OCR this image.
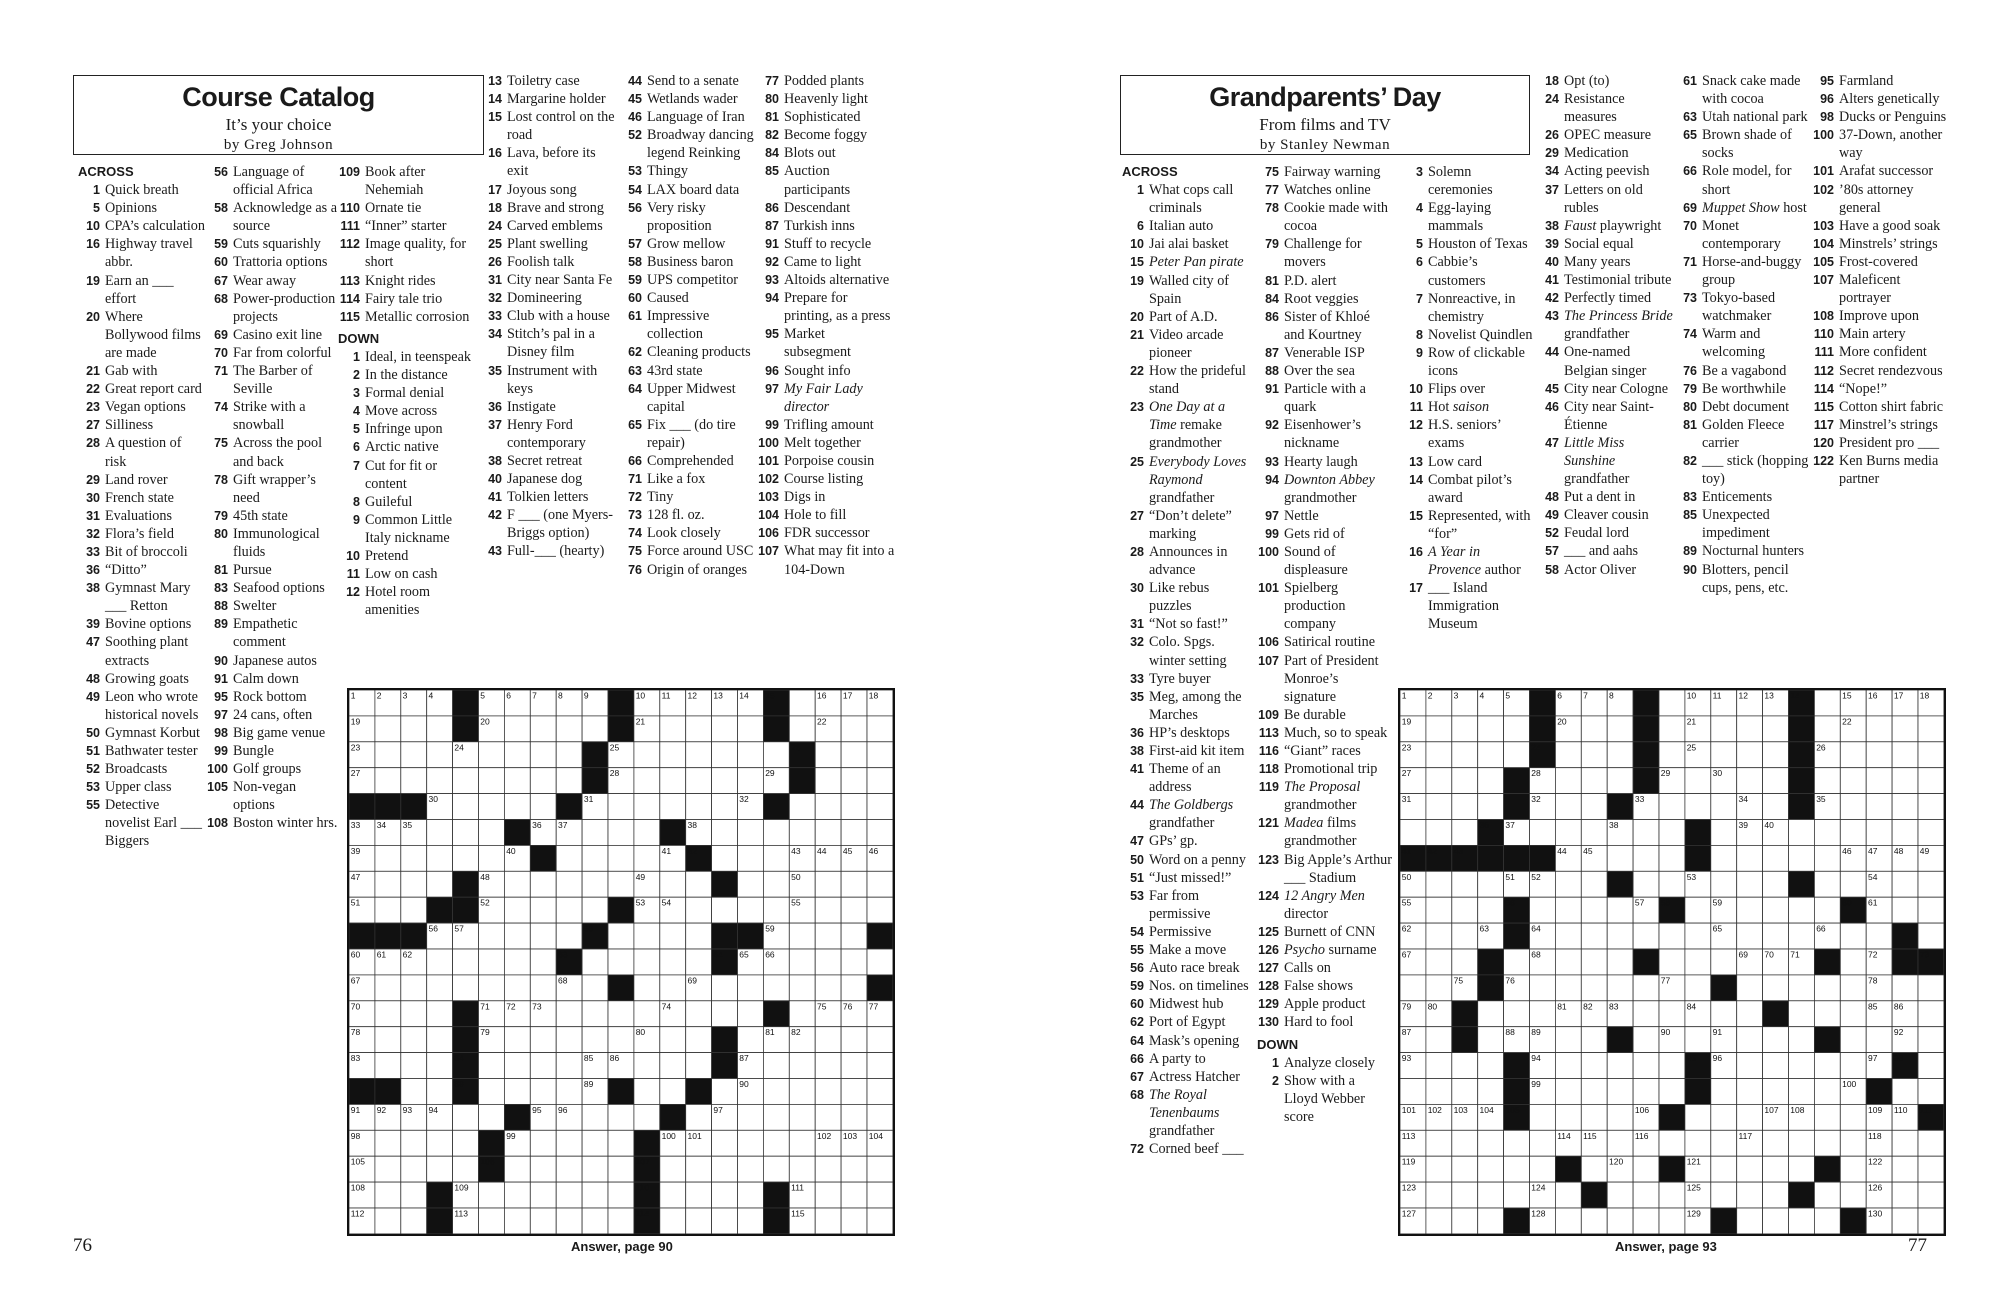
Course Catalog
It’s your choice
by Greg Johnson
ACROSS
1 Quick breath
5 Opinions
10 CPA’s calculation
16 Highway travel abbr.
19 Earn an ___ effort
20 Where Bollywood films are made
21 Gab with
22 Great report card
23 Vegan options
27 Silliness
28 A question of risk
29 Land rover
30 French state
31 Evaluations
32 Flora’s field
33 Bit of broccoli
36 “Ditto”
38 Gymnast Mary ___ Retton
39 Bovine options
47 Soothing plant extracts
48 Growing goats
49 Leon who wrote historical novels
50 Gymnast Korbut
51 Bathwater tester
52 Broadcasts
53 Upper class
55 Detective novelist Earl ___ Biggers
56 Language of official Africa
58 Acknowledge as a source
59 Cuts squarishly
60 Trattoria options
67 Wear away
68 Power-production projects
69 Casino exit line
70 Far from colorful
71 The Barber of Seville
74 Strike with a snowball
75 Across the pool and back
78 Gift wrapper’s need
79 45th state
80 Immunological fluids
81 Pursue
83 Seafood options
88 Swelter
89 Empathetic comment
90 Japanese autos
91 Calm down
95 Rock bottom
97 24 cans, often
98 Big game venue
99 Bungle
100 Golf groups
105 Non-vegan options
108 Boston winter hrs.
109 Book after Nehemiah
110 Ornate tie
111 “Inner” starter
112 Image quality, for short
113 Knight rides
114 Fairy tale trio
115 Metallic corrosion
DOWN
1 Ideal, in teenspeak
2 In the distance
3 Formal denial
4 Move across
5 Infringe upon
6 Arctic native
7 Cut for fit or content
8 Guileful
9 Common Little Italy nickname
10 Pretend
11 Low on cash
12 Hotel room amenities
13 Toiletry case
14 Margarine holder
15 Lost control on the road
16 Lava, before its exit
17 Joyous song
18 Brave and strong
24 Carved emblems
25 Plant swelling
26 Foolish talk
31 City near Santa Fe
32 Domineering
33 Club with a house
34 Stitch’s pal in a Disney film
35 Instrument with keys
36 Instigate
37 Henry Ford contemporary
38 Secret retreat
40 Japanese dog
41 Tolkien letters
42 F ___ (one Myers-Briggs option)
43 Full-___ (hearty)
44 Send to a senate
45 Wetlands wader
46 Language of Iran
52 Broadway dancing legend Reinking
53 Thingy
54 LAX board data
56 Very risky proposition
57 Grow mellow
58 Business baron
59 UPS competitor
60 Caused
61 Impressive collection
62 Cleaning products
63 43rd state
64 Upper Midwest capital
65 Fix ___ (do tire repair)
66 Comprehended
71 Like a fox
72 Tiny
73 128 fl. oz.
74 Look closely
75 Force around USC
76 Origin of oranges
77 Podded plants
80 Heavenly light
81 Sophisticated
82 Become foggy
84 Blots out
85 Auction participants
86 Descendant
87 Turkish inns
91 Stuff to recycle
92 Came to light
93 Altoids alternative
94 Prepare for printing, as a press
95 Market subsegment
96 Sought info
97 My Fair Lady director
99 Trifling amount
100 Melt together
101 Porpoise cousin
102 Course listing
103 Digs in
104 Hole to fill
106 FDR successor
107 What may fit into a 104-Down
1 2 3 4	5 6 7 8 9	10 11 12 13 14 15	16 17 18
19	20	21	22
23	24	25	26
27	28	29
30	31	32
33 34 35	36 37	38
39	40	41 42	43 44 45 46
47	48	49	50
51	52	53 54	55
56 57	58	59
60 61 62	63	64 65 66
67	68	69
70	71 72 73	74	75 76 77
78	79	80	81 82
83	84	85 86	87
88	89	90
91 92 93 94	95 96	97
98	99	100 101	102 103 104
105	106	107
108	109	110	111
112	113	114	115
76	Answer, page 90
Grandparents’ Day
From films and TV
by Stanley Newman
ACROSS
1 What cops call criminals
6 Italian auto
10 Jai alai basket
15 Peter Pan pirate
19 Walled city of Spain
20 Part of A.D.
21 Video arcade pioneer
22 How the prideful stand
23 One Day at a Time remake grandmother
25 Everybody Loves Raymond grandfather
27 “Don’t delete” marking
28 Announces in advance
30 Like rebus puzzles
31 “Not so fast!”
32 Colo. Spgs. winter setting
33 Tyre buyer
35 Meg, among the Marches
36 HP’s desktops
38 First-aid kit item
41 Theme of an address
44 The Goldbergs grandfather
47 GPs’ gp.
50 Word on a penny
51 “Just missed!”
53 Far from permissive
54 Permissive
55 Make a move
56 Auto race break
59 Nos. on timelines
60 Midwest hub
62 Port of Egypt
64 Mask’s opening
66 A party to
67 Actress Hatcher
68 The Royal Tenenbaums grandfather
72 Corned beef ___
75 Fairway warning
77 Watches online
78 Cookie made with cocoa
79 Challenge for movers
81 P.D. alert
84 Root veggies
86 Sister of Khloé and Kourtney
87 Venerable ISP
88 Over the sea
91 Particle with a quark
92 Eisenhower’s nickname
93 Hearty laugh
94 Downton Abbey grandmother
97 Nettle
99 Gets rid of
100 Sound of displeasure
101 Spielberg production company
106 Satirical routine
107 Part of President Monroe’s signature
109 Be durable
113 Much, so to speak
116 “Giant” races
118 Promotional trip
119 The Proposal grandmother
121 Madea films grandmother
123 Big Apple’s Arthur ___ Stadium
124 12 Angry Men director
125 Burnett of CNN
126 Psycho surname
127 Calls on
128 False shows
129 Apple product
130 Hard to fool
DOWN
1 Analyze closely
2 Show with a Lloyd Webber score
3 Solemn ceremonies
4 Egg-laying mammals
5 Houston of Texas
6 Cabbie’s customers
7 Nonreactive, in chemistry
8 Novelist Quindlen
9 Row of clickable icons
10 Flips over
11 Hot saison
12 H.S. seniors’ exams
13 Low card
14 Combat pilot’s award
15 Represented, with “for”
16 A Year in Provence author
17 ___ Island Immigration Museum
18 Opt (to)
24 Resistance measures
26 OPEC measure
29 Medication
34 Acting peevish
37 Letters on old rubles
38 Faust playwright
39 Social equal
40 Many years
41 Testimonial tribute
42 Perfectly timed
43 The Princess Bride grandfather
44 One-named Belgian singer
45 City near Cologne
46 City near Saint-Étienne
47 Little Miss Sunshine grandfather
48 Put a dent in
49 Cleaver cousin
52 Feudal lord
57 ___ and aahs
58 Actor Oliver
61 Snack cake made with cocoa
63 Utah national park
65 Brown shade of socks
66 Role model, for short
69 Muppet Show host
70 Monet contemporary
71 Horse-and-buggy group
73 Tokyo-based watchmaker
74 Warm and welcoming
76 Be a vagabond
79 Be worthwhile
80 Debt document
81 Golden Fleece carrier
82 ___ stick (hopping toy)
83 Enticements
85 Unexpected impediment
89 Nocturnal hunters
90 Blotters, pencil cups, pens, etc.
95 Farmland
96 Alters genetically
98 Ducks or Penguins
100 37-Down, another way
101 Arafat successor
102 ’80s attorney general
103 Have a good soak
104 Minstrels’ strings
105 Frost-covered
107 Maleficent portrayer
108 Improve upon
110 Main artery
111 More confident
112 Secret rendezvous
114 “Nope!”
115 Cotton shirt fabric
117 Minstrel’s strings
120 President pro ___
122 Ken Burns media partner
1 2 3 4 5	6 7 8 9	10 11 12 13 14	15 16 17 18
19	20	21	22
23	24	25	26
27	28	29	30
31	32	33	34	35
36 37	38	39 40
41 42 43	44 45	46 47 48 49
50	51 52	53	54
55	56	57 58	59	60 61
62	63	64	65	66
67	68	69 70 71	72	73
75	76	77	78
79 80	81 82 83	84	85 86
87	88 89	90	91	92
93	94	95 96	97 98
99	100
101 102 103 104 105	106	107 108	109 110 111
113	114 115	116	117	118
119	120	121	122
123	124	125	126
127	128	129	130
Answer, page 93	77
